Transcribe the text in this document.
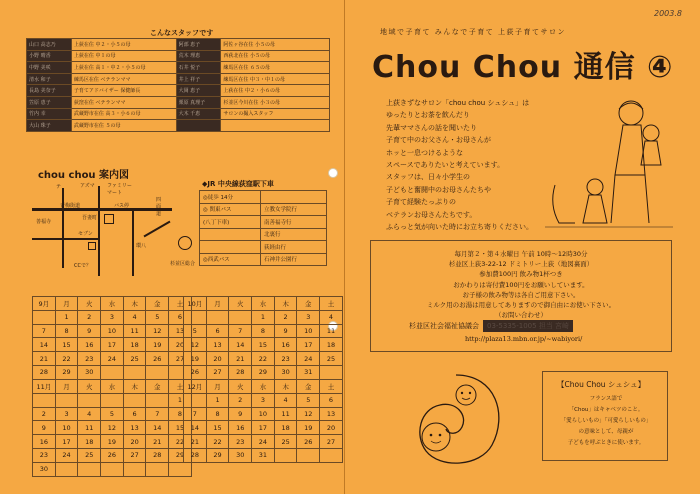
こんなスタッフです
山口 高志乃	上荻在住 中２・小５の母	阿部 恵子	阿佐ヶ谷在住 小５の母
小野 晴香	上荻在住 中１の母	荒木 理恵	西荻北在住 小５の母
中野 美咲	上荻在住 高１・中２・小５の母	石井 悦子	練馬区在住 ６５の母
清水 和子	練馬区在住 ベテランママ	井上 祥子	練馬区在住 中３・中１の母
長島 美奈子	子育てアドバイザー 保健師長	大岡 恵子	上荻在住 中２・小６の母
笠原 恵子	荻窪在住 ベテランママ	栗原 真理子	杉並区今川在住 小３の母
竹内 幸	武蔵野市在住 高３・小６の母	大木 千恵	サロンの撮入スタッフ
大山 珠子	武蔵野市在住 ５の母		
chou chou 案内図
テ	アズマ ファミリーマート
青梅街道	バス停
四面道
善福寺
吾妻町
セブン
CCで？
環八
杉並区総合
◆JR 中央線荻窪駅下車
◎徒歩 14分	
◎ 関東バス	立教女学院行
(八丁下車)	南善福寺行
	北裏行
	荻経由行
◎西武バス	石神井公園行
9月	月	火	水	木	金	土
	1	2	3	4	5	6
7	8	9	10	11	12	13
14	15	16	17	18	19	20
21	22	23	24	25	26	27
28	29	30				
10月	月	火	水	木	金	土
			1	2	3	4
5	6	7	8	9	10	11
12	13	14	15	16	17	18
19	20	21	22	23	24	25
26	27	28	29	30	31	
11月	月	火	水	木	金	土
						1
2	3	4	5	6	7	8
9	10	11	12	13	14	15
16	17	18	19	20	21	22
23	24	25	26	27	28	29
30						
12月	月	火	水	木	金	土
	1	2	3	4	5	6
7	8	9	10	11	12	13
14	15	16	17	18	19	20
21	22	23	24	25	26	27
28	29	30	31			
2003.8
地域で子育て みんなで子育て 上荻子育てサロン
Chou Chou 通信 ④
上荻きずなサロン「chou chou シュシュ」は
ゆったりとお茶を飲んだり
先輩ママさんの話を聞いたり
子育て中のお父さん・お母さんが
ホッと一息つけるような
スペースでありたいと考えています。
スタッフは、日々小学生の
子どもと奮闘中のお母さんたちや
子育て経験たっぷりの
ベテランお母さんたちです。
ふらっと気が向いた時にお立ち寄りください。
毎月第２・第４水曜日 午前 10時〜12時30分
杉並区上荻3-22-12 ドミトリー上荻（地図裏面）
参加費100円 飲み物1杯つき
おかわりは寄付費100円をお願いしています。
お子様の飲み物等は各自ご用意下さい。
ミルク用のお湯は用意してありますので御自由にお使い下さい。
（お問い合わせ）
杉並区社会福祉協議会	03-5335-1005 担当 宮崎
http://plaza13.mbn.or.jp/~wabiyori/
【Chou Chou シュシュ】
フランス語で
「Chou」はキャベツのこと。
「愛らしいもの」「可愛らしいもの」
の意味として、母親が
子どもを呼ぶときに使います。
